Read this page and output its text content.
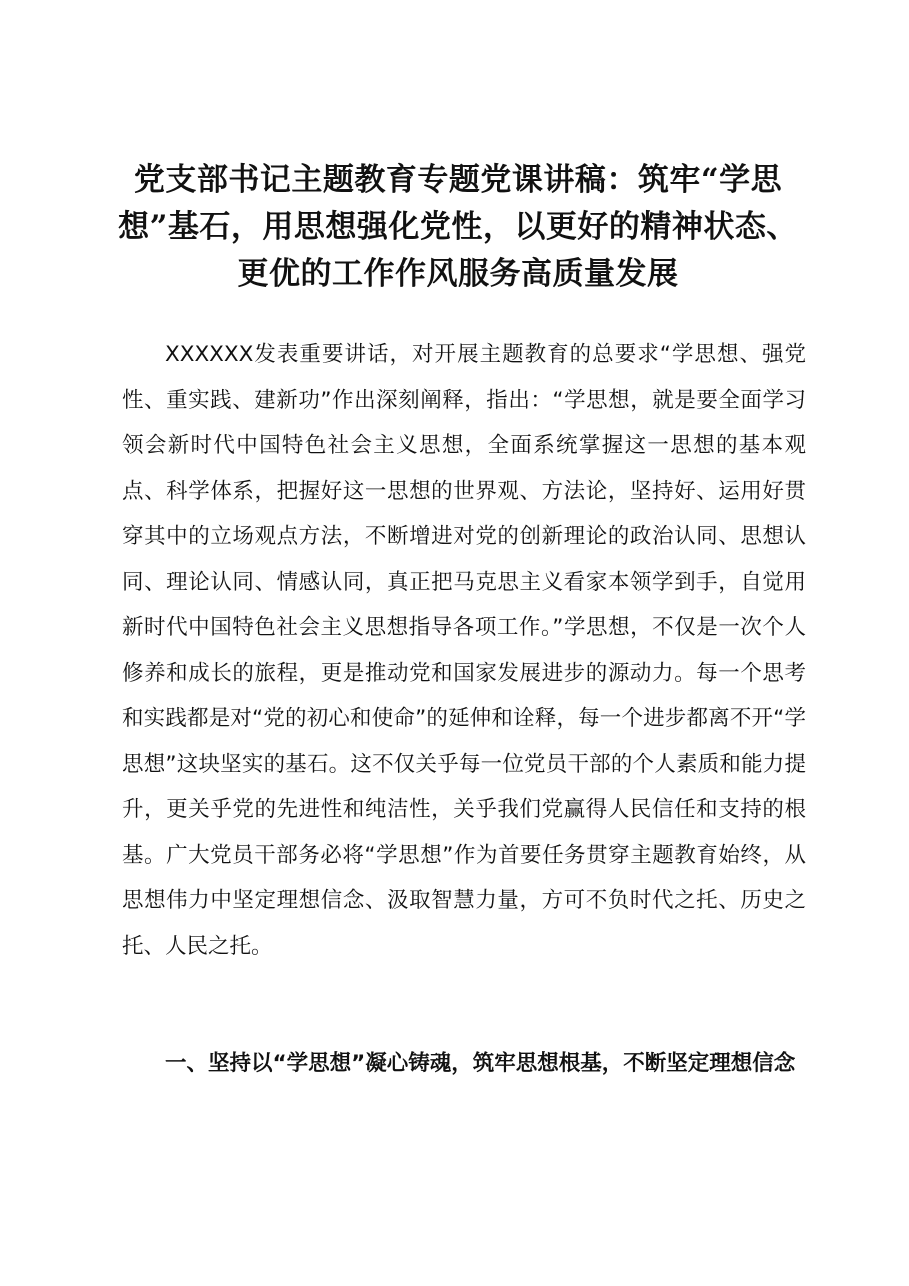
党支部书记主题教育专题党课讲稿：筑牢“学思想”基石，用思想强化党性，以更好的精神状态、更优的工作作风服务高质量发展

XXXXXX发表重要讲话，对开展主题教育的总要求“学思想、强党性、重实践、建新功”作出深刻阐释，指出：“学思想，就是要全面学习领会新时代中国特色社会主义思想，全面系统掌握这一思想的基本观点、科学体系，把握好这一思想的世界观、方法论，坚持好、运用好贯穿其中的立场观点方法，不断增进对党的创新理论的政治认同、思想认同、理论认同、情感认同，真正把马克思主义看家本领学到手，自觉用新时代中国特色社会主义思想指导各项工作。”学思想，不仅是一次个人修养和成长的旅程，更是推动党和国家发展进步的源动力。每一个思考和实践都是对“党的初心和使命”的延伸和诠释，每一个进步都离不开“学思想”这块坚实的基石。这不仅关乎每一位党员干部的个人素质和能力提升，更关乎党的先进性和纯洁性，关乎我们党赢得人民信任和支持的根基。广大党员干部务必将“学思想”作为首要任务贯穿主题教育始终，从思想伟力中坚定理想信念、汲取智慧力量，方可不负时代之托、历史之托、人民之托。

一、坚持以“学思想”凝心铸魂，筑牢思想根基，不断坚定理想信念
